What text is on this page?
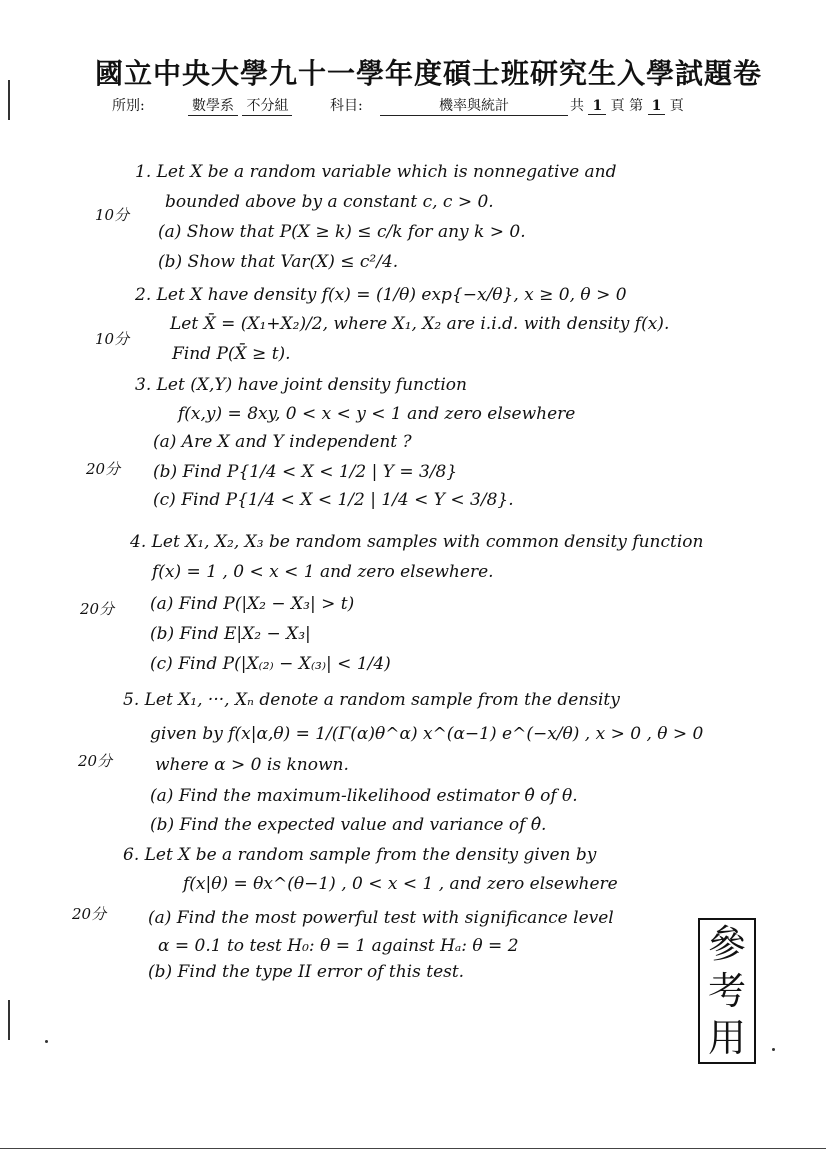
國立中央大學九十一學年度碩士班研究生入學試題卷
所別:	數學系 不分組	科目:	機率與統計	共 1 頁 第 1 頁
10分
1. Let X be a random variable which is nonnegative and
bounded above by a constant c, c > 0.
(a) Show that P(X ≥ k) ≤ c/k for any k > 0.
(b) Show that Var(X) ≤ c²/4.
10分
2. Let X have density f(x) = (1/θ) exp{−x/θ}, x ≥ 0, θ > 0
Let X̄ = (X₁+X₂)/2, where X₁, X₂ are i.i.d. with density f(x).
Find P(X̄ ≥ t).
20分
3. Let (X,Y) have joint density function
f(x,y) = 8xy, 0 < x < y < 1 and zero elsewhere
(a) Are X and Y independent ?
(b) Find P{1/4 < X < 1/2 | Y = 3/8}
(c) Find P{1/4 < X < 1/2 | 1/4 < Y < 3/8}.
20分
4. Let X₁, X₂, X₃ be random samples with common density function
f(x) = 1 , 0 < x < 1 and zero elsewhere.
(a) Find P(|X₂ − X₃| > t)
(b) Find E|X₂ − X₃|
(c) Find P(|X₍₂₎ − X₍₃₎| < 1/4)
20分
5. Let X₁, ···, Xₙ denote a random sample from the density
given by f(x|α,θ) = 1/(Γ(α)θ^α) x^(α−1) e^(−x/θ) , x > 0 , θ > 0
where α > 0 is known.
(a) Find the maximum-likelihood estimator θ̂ of θ.
(b) Find the expected value and variance of θ̂.
20分
6. Let X be a random sample from the density given by
f(x|θ) = θx^(θ−1) , 0 < x < 1 , and zero elsewhere
(a) Find the most powerful test with significance level
α = 0.1 to test H₀: θ = 1 against Hₐ: θ = 2
(b) Find the type II error of this test.
參
考
用
